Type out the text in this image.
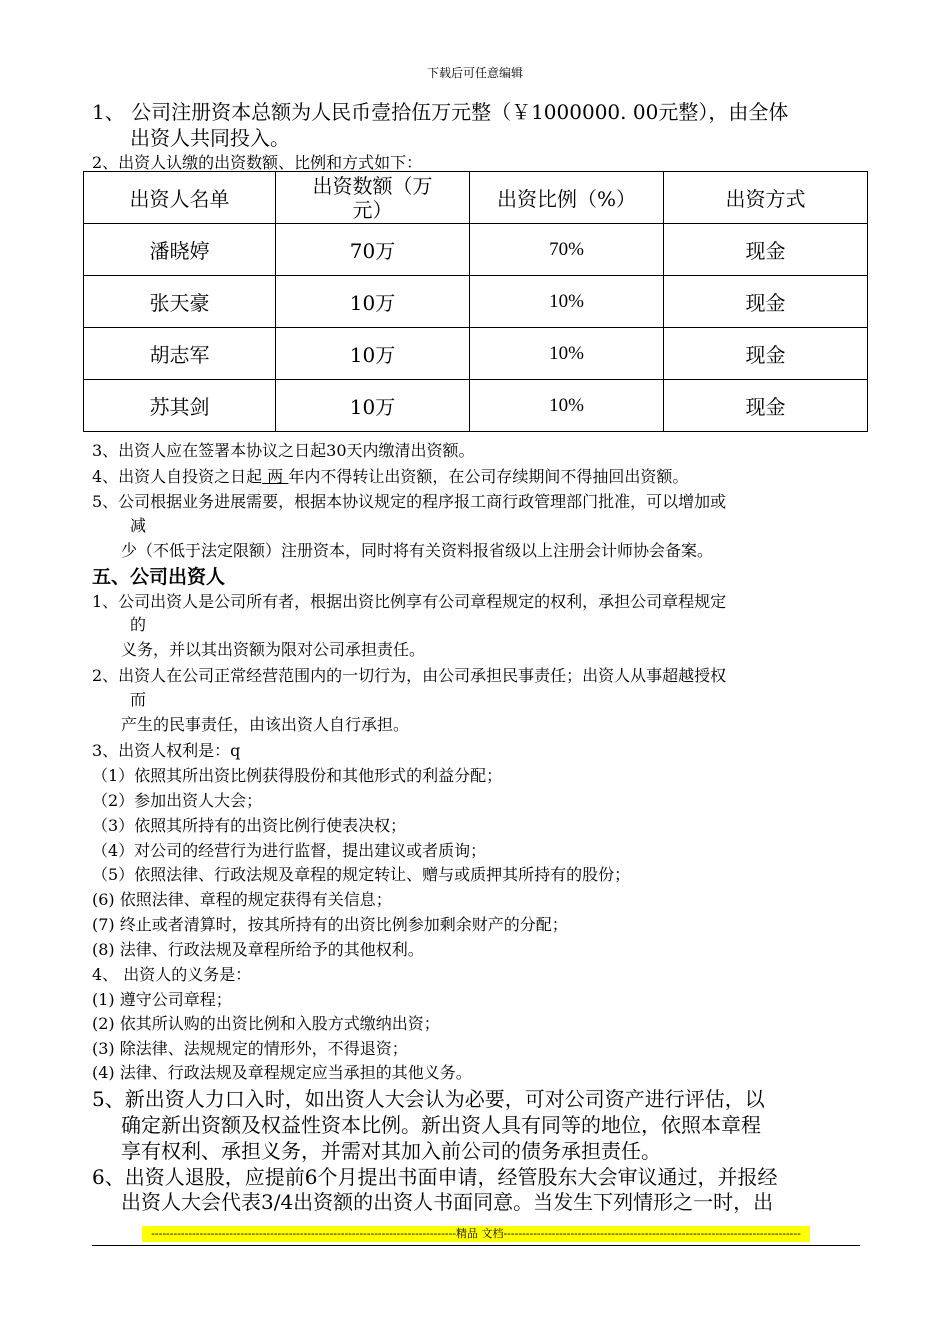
下载后可任意编辑
1、 公司注册资本总额为人民币壹拾伍万元整（￥1000000. 00元整），由全体
出资人共同投入。
2、出资人认缴的出资数额、比例和方式如下：
出资人名单	出资数额（万元）	出资比例（%）	出资方式
潘晓婷	70万	70%	现金
张天豪	10万	10%	现金
胡志军	10万	10%	现金
苏其剑	10万	10%	现金
3、出资人应在签署本协议之日起30天内缴清出资额。
4、出资人自投资之日起 两 年内不得转让出资额，在公司存续期间不得抽回出资额。
5、公司根据业务进展需要，根据本协议规定的程序报工商行政管理部门批准，可以增加或
减
少（不低于法定限额）注册资本，同时将有关资料报省级以上注册会计师协会备案。
五、公司出资人
1、公司出资人是公司所有者，根据出资比例享有公司章程规定的权利，承担公司章程规定
的
义务，并以其出资额为限对公司承担责任。
2、出资人在公司正常经营范围内的一切行为，由公司承担民事责任；出资人从事超越授权
而
产生的民事责任，由该出资人自行承担。
3、出资人权利是：q
（1）依照其所出资比例获得股份和其他形式的利益分配；
（2）参加出资人大会；
（3）依照其所持有的出资比例行使表决权；
（4）对公司的经营行为进行监督，提出建议或者质询；
（5）依照法律、行政法规及章程的规定转让、赠与或质押其所持有的股份；
(6) 依照法律、章程的规定获得有关信息；
(7) 终止或者清算时，按其所持有的出资比例参加剩余财产的分配；
(8) 法律、行政法规及章程所给予的其他权利。
4、 出资人的义务是：
(1) 遵守公司章程；
(2) 依其所认购的出资比例和入股方式缴纳出资；
(3) 除法律、法规规定的情形外，不得退资；
(4) 法律、行政法规及章程规定应当承担的其他义务。
5、新出资人力口入时，如出资人大会认为必要，可对公司资产进行评估，以
确定新出资额及权益性资本比例。新出资人具有同等的地位，依照本章程
享有权利、承担义务，并需对其加入前公司的债务承担责任。
6、出资人退股，应提前6个月提出书面申请，经管股东大会审议通过，并报经
出资人大会代表3/4出资额的出资人书面同意。当发生下列情形之一时，出
----------------------------------------------------------------------------------精品 文档--------------------------------------------------------------------------------
